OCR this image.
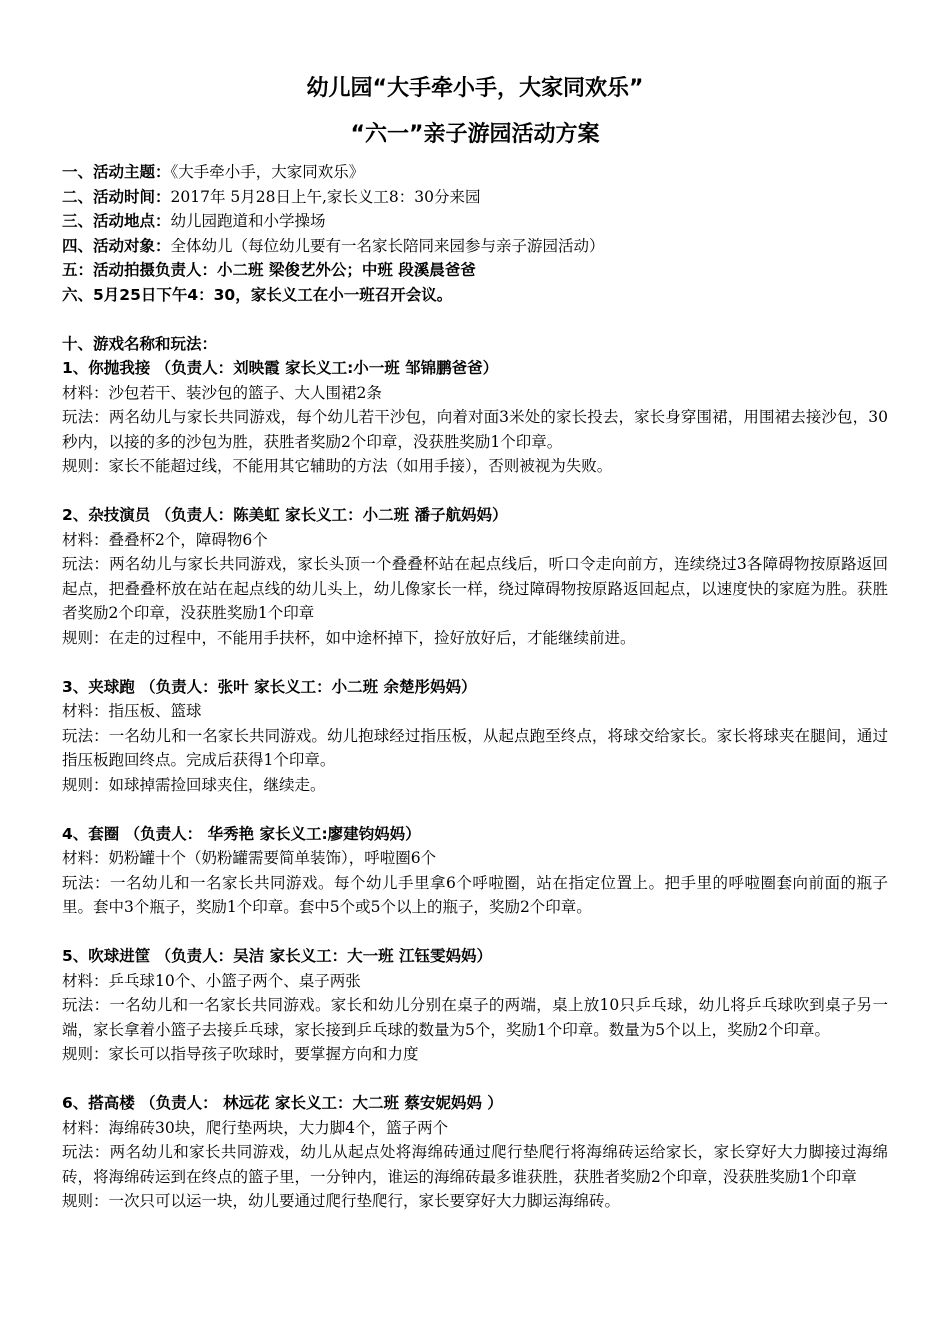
幼儿园“大手牵小手，大家同欢乐”
“六一”亲子游园活动方案
一、活动主题：《大手牵小手，大家同欢乐》
二、活动时间：2017年 5月28日上午,家长义工8：30分来园
三、活动地点：幼儿园跑道和小学操场
四、活动对象：全体幼儿（每位幼儿要有一名家长陪同来园参与亲子游园活动）
五：活动拍摄负责人：小二班 梁俊艺外公；中班 段溪晨爸爸
六、5月25日下午4：30，家长义工在小一班召开会议。
十、游戏名称和玩法：
1、你抛我接 （负责人：刘映霞 家长义工:小一班 邹锦鹏爸爸）
材料：沙包若干、装沙包的篮子、大人围裙2条
玩法：两名幼儿与家长共同游戏，每个幼儿若干沙包，向着对面3米处的家长投去，家长身穿围裙，用围裙去接沙包，30秒内，以接的多的沙包为胜，获胜者奖励2个印章，没获胜奖励1个印章。
规则：家长不能超过线，不能用其它辅助的方法（如用手接），否则被视为失败。
2、杂技演员 （负责人：陈美虹 家长义工：小二班 潘子航妈妈）
材料：叠叠杯2个，障碍物6个
玩法：两名幼儿与家长共同游戏，家长头顶一个叠叠杯站在起点线后，听口令走向前方，连续绕过3各障碍物按原路返回起点，把叠叠杯放在站在起点线的幼儿头上，幼儿像家长一样，绕过障碍物按原路返回起点，以速度快的家庭为胜。获胜者奖励2个印章，没获胜奖励1个印章
规则：在走的过程中，不能用手扶杯，如中途杯掉下，捡好放好后，才能继续前进。
3、夹球跑 （负责人：张叶 家长义工：小二班 余楚彤妈妈）
材料：指压板、篮球
玩法：一名幼儿和一名家长共同游戏。幼儿抱球经过指压板，从起点跑至终点，将球交给家长。家长将球夹在腿间，通过指压板跑回终点。完成后获得1个印章。
规则：如球掉需捡回球夹住，继续走。
4、套圈 （负责人： 华秀艳 家长义工:廖建钧妈妈）
材料：奶粉罐十个（奶粉罐需要简单装饰），呼啦圈6个
玩法：一名幼儿和一名家长共同游戏。每个幼儿手里拿6个呼啦圈，站在指定位置上。把手里的呼啦圈套向前面的瓶子里。套中3个瓶子，奖励1个印章。套中5个或5个以上的瓶子，奖励2个印章。
5、吹球进筐 （负责人：吴洁 家长义工：大一班 江钰雯妈妈）
材料：乒乓球10个、小篮子两个、桌子两张
玩法：一名幼儿和一名家长共同游戏。家长和幼儿分别在桌子的两端，桌上放10只乒乓球，幼儿将乒乓球吹到桌子另一端，家长拿着小篮子去接乒乓球，家长接到乒乓球的数量为5个，奖励1个印章。数量为5个以上，奖励2个印章。
规则：家长可以指导孩子吹球时，要掌握方向和力度
6、搭高楼 （负责人： 林远花 家长义工：大二班 蔡安妮妈妈 ）
材料：海绵砖30块，爬行垫两块，大力脚4个，篮子两个
玩法：两名幼儿和家长共同游戏，幼儿从起点处将海绵砖通过爬行垫爬行将海绵砖运给家长，家长穿好大力脚接过海绵砖，将海绵砖运到在终点的篮子里，一分钟内，谁运的海绵砖最多谁获胜，获胜者奖励2个印章，没获胜奖励1个印章
规则：一次只可以运一块，幼儿要通过爬行垫爬行，家长要穿好大力脚运海绵砖。
